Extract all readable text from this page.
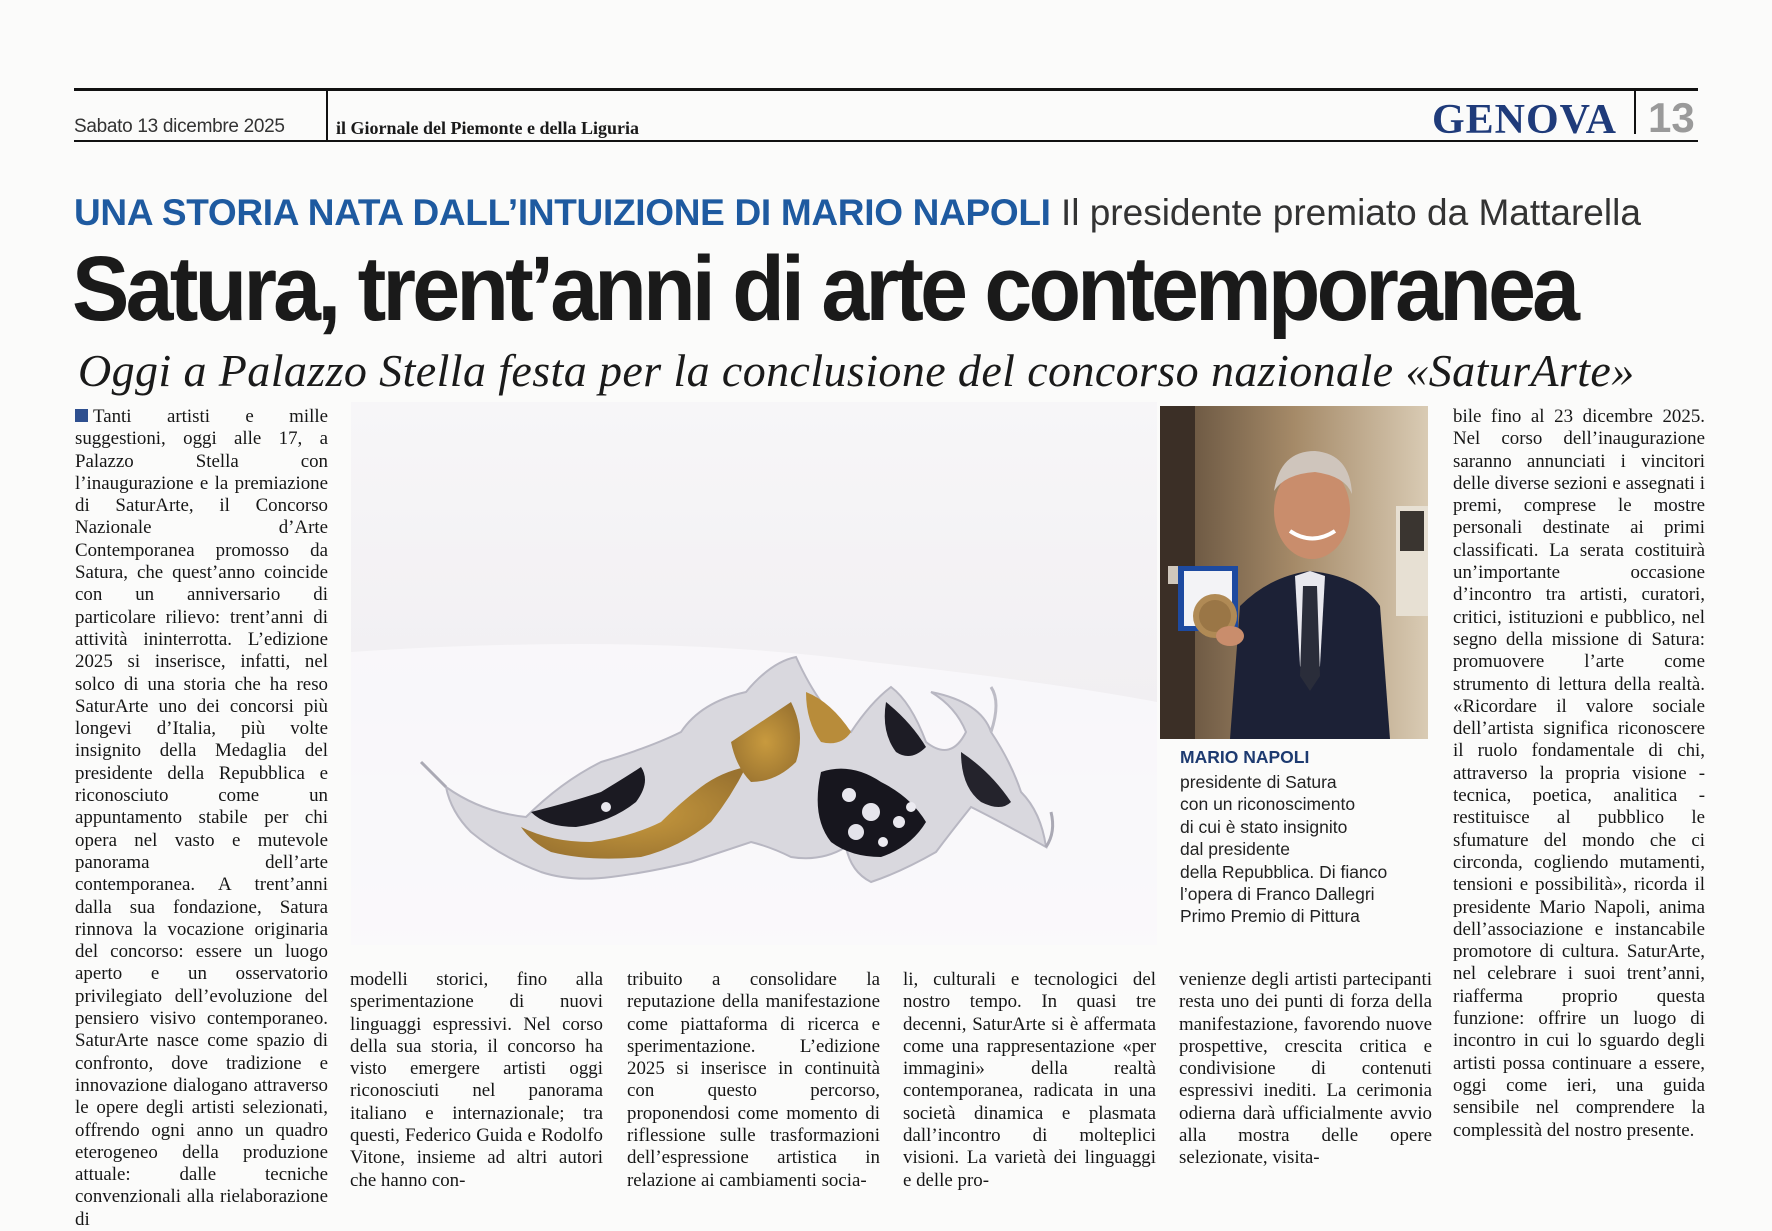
Sabato 13 dicembre 2025	il Giornale del Piemonte e della Liguria	GENOVA 13
UNA STORIA NATA DALL’INTUIZIONE DI MARIO NAPOLI Il presidente premiato da Mattarella
Satura, trent’anni di arte contemporanea
Oggi a Palazzo Stella festa per la conclusione del concorso nazionale «SaturArte»

Tanti artisti e mille suggestioni, oggi alle 17, a Palazzo Stella con l’inaugurazione e la premiazione di SaturArte, il Concorso Nazionale d’Arte Contemporanea promosso da Satura, che quest’anno coincide con un anniversario di particolare rilievo: trent’anni di attività ininterrotta. L’edizione 2025 si inserisce, infatti, nel solco di una storia che ha reso SaturArte uno dei concorsi più longevi d’Italia, più volte insignito della Medaglia del presidente della Repubblica e riconosciuto come un appuntamento stabile per chi opera nel vasto e mutevole panorama dell’arte contemporanea. A trent’anni dalla sua fondazione, Satura rinnova la vocazione originaria del concorso: essere un luogo aperto e un osservatorio privilegiato dell’evoluzione del pensiero visivo contemporaneo. SaturArte nasce come spazio di confronto, dove tradizione e innovazione dialogano attraverso le opere degli artisti selezionati, offrendo ogni anno un quadro eterogeneo della produzione attuale: dalle tecniche convenzionali alla rielaborazione di

MARIO NAPOLI
presidente di Satura
con un riconoscimento
di cui è stato insignito
dal presidente
della Repubblica. Di fianco
l’opera di Franco Dallegri
Primo Premio di Pittura

modelli storici, fino alla sperimentazione di nuovi linguaggi espressivi. Nel corso della sua storia, il concorso ha visto emergere artisti oggi riconosciuti nel panorama italiano e internazionale; tra questi, Federico Guida e Rodolfo Vitone, insieme ad altri autori che hanno con-

tribuito a consolidare la reputazione della manifestazione come piattaforma di ricerca e sperimentazione. L’edizione 2025 si inserisce in continuità con questo percorso, proponendosi come momento di riflessione sulle trasformazioni dell’espressione artistica in relazione ai cambiamenti socia-

li, culturali e tecnologici del nostro tempo. In quasi tre decenni, SaturArte si è affermata come una rappresentazione «per immagini» della realtà contemporanea, radicata in una società dinamica e plasmata dall’incontro di molteplici visioni. La varietà dei linguaggi e delle pro-

venienze degli artisti partecipanti resta uno dei punti di forza della manifestazione, favorendo nuove prospettive, crescita critica e condivisione di contenuti espressivi inediti. La cerimonia odierna darà ufficialmente avvio alla mostra delle opere selezionate, visita-

bile fino al 23 dicembre 2025. Nel corso dell’inaugurazione saranno annunciati i vincitori delle diverse sezioni e assegnati i premi, comprese le mostre personali destinate ai primi classificati. La serata costituirà un’importante occasione d’incontro tra artisti, curatori, critici, istituzioni e pubblico, nel segno della missione di Satura: promuovere l’arte come strumento di lettura della realtà. «Ricordare il valore sociale dell’artista significa riconoscere il ruolo fondamentale di chi, attraverso la propria visione - tecnica, poetica, analitica - restituisce al pubblico le sfumature del mondo che ci circonda, cogliendo mutamenti, tensioni e possibilità», ricorda il presidente Mario Napoli, anima dell’associazione e instancabile promotore di cultura. SaturArte, nel celebrare i suoi trent’anni, riafferma proprio questa funzione: offrire un luogo di incontro in cui lo sguardo degli artisti possa continuare a essere, oggi come ieri, una guida sensibile nel comprendere la complessità del nostro presente.
